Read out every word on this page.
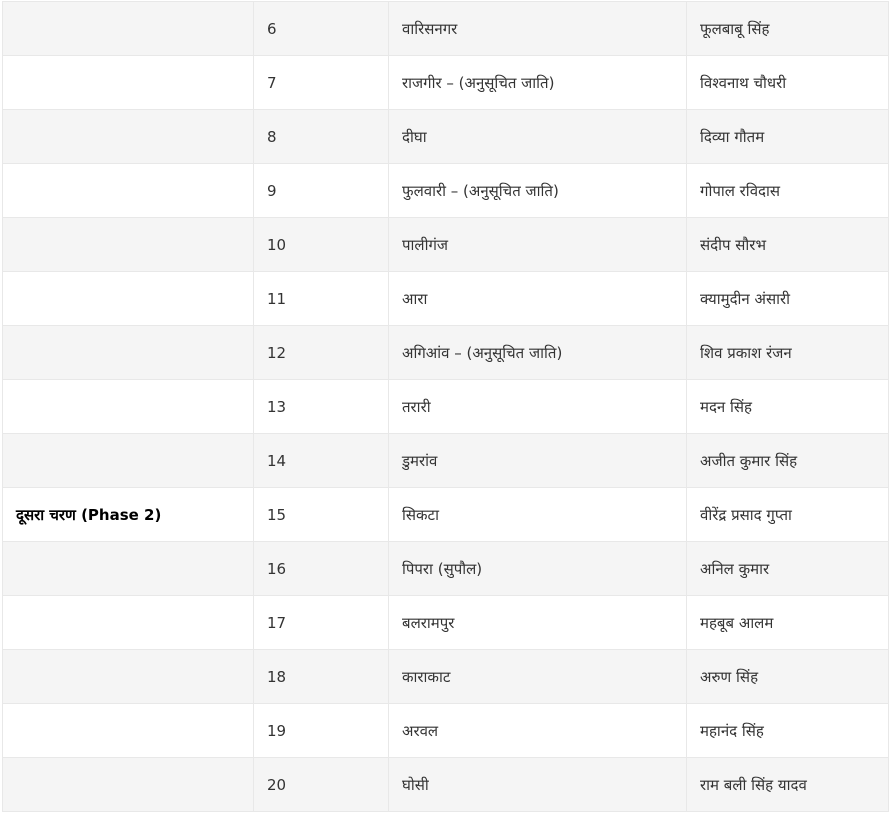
	6	वारिसनगर	फूलबाबू सिंह
	7	राजगीर – (अनुसूचित जाति)	विश्वनाथ चौधरी
	8	दीघा	दिव्या गौतम
	9	फुलवारी – (अनुसूचित जाति)	गोपाल रविदास
	10	पालीगंज	संदीप सौरभ
	11	आरा	क्यामुदीन अंसारी
	12	अगिआंव – (अनुसूचित जाति)	शिव प्रकाश रंजन
	13	तरारी	मदन सिंह
	14	डुमरांव	अजीत कुमार सिंह
दूसरा चरण (Phase 2)	15	सिकटा	वीरेंद्र प्रसाद गुप्ता
	16	पिपरा (सुपौल)	अनिल कुमार
	17	बलरामपुर	महबूब आलम
	18	काराकाट	अरुण सिंह
	19	अरवल	महानंद सिंह
	20	घोसी	राम बली सिंह यादव
